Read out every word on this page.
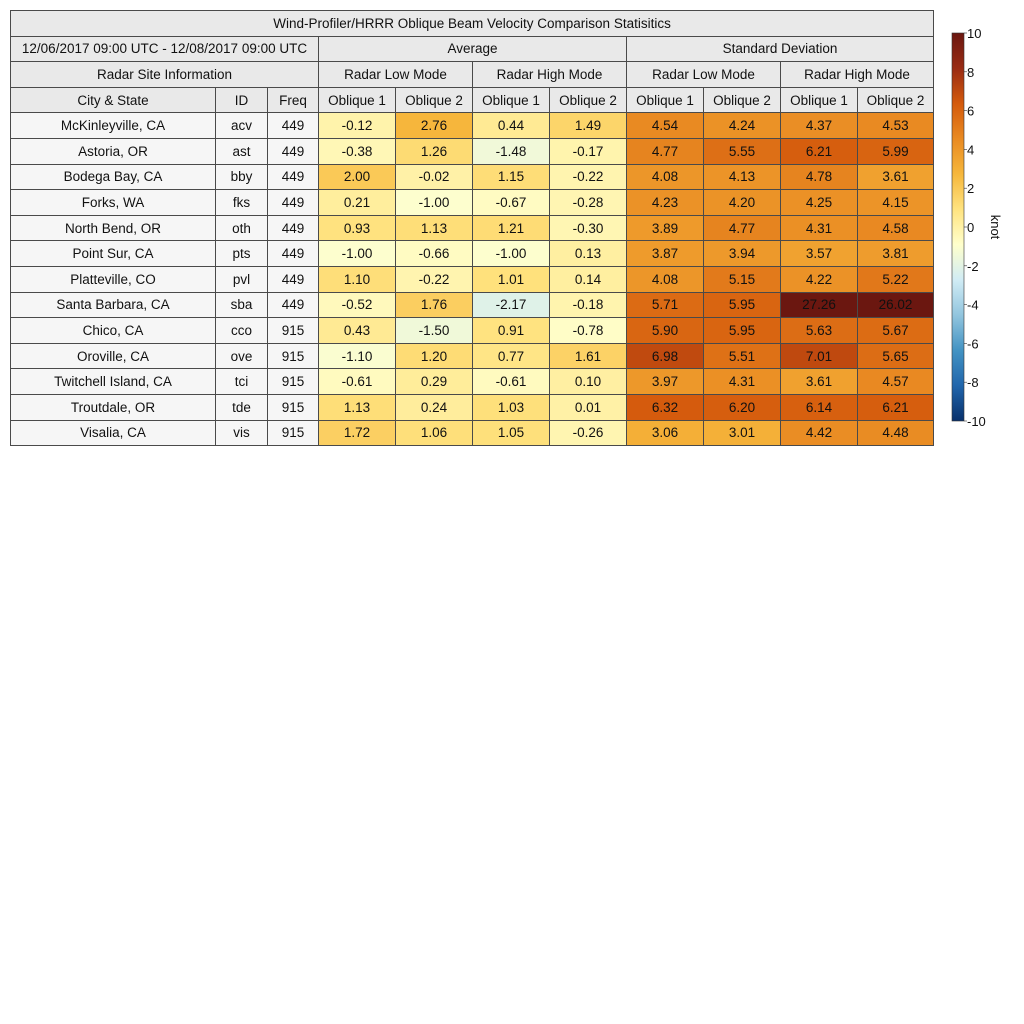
Wind-Profiler/HRRR Oblique Beam Velocity Comparison Statisitics										
12/06/2017 09:00 UTC - 12/08/2017 09:00 UTC			Average				Standard Deviation			
Radar Site Information			Radar Low Mode		Radar High Mode		Radar Low Mode		Radar High Mode	
City & State	ID	Freq	Oblique 1	Oblique 2	Oblique 1	Oblique 2	Oblique 1	Oblique 2	Oblique 1	Oblique 2
McKinleyville, CA	acv	449	-0.12	2.76	0.44	1.49	4.54	4.24	4.37	4.53
Astoria, OR	ast	449	-0.38	1.26	-1.48	-0.17	4.77	5.55	6.21	5.99
Bodega Bay, CA	bby	449	2.00	-0.02	1.15	-0.22	4.08	4.13	4.78	3.61
Forks, WA	fks	449	0.21	-1.00	-0.67	-0.28	4.23	4.20	4.25	4.15
North Bend, OR	oth	449	0.93	1.13	1.21	-0.30	3.89	4.77	4.31	4.58
Point Sur, CA	pts	449	-1.00	-0.66	-1.00	0.13	3.87	3.94	3.57	3.81
Platteville, CO	pvl	449	1.10	-0.22	1.01	0.14	4.08	5.15	4.22	5.22
Santa Barbara, CA	sba	449	-0.52	1.76	-2.17	-0.18	5.71	5.95	27.26	26.02
Chico, CA	cco	915	0.43	-1.50	0.91	-0.78	5.90	5.95	5.63	5.67
Oroville, CA	ove	915	-1.10	1.20	0.77	1.61	6.98	5.51	7.01	5.65
Twitchell Island, CA	tci	915	-0.61	0.29	-0.61	0.10	3.97	4.31	3.61	4.57
Troutdale, OR	tde	915	1.13	0.24	1.03	0.01	6.32	6.20	6.14	6.21
Visalia, CA	vis	915	1.72	1.06	1.05	-0.26	3.06	3.01	4.42	4.48
10
8
6
4
2
0
-2
-4
-6
-8
-10
knot
